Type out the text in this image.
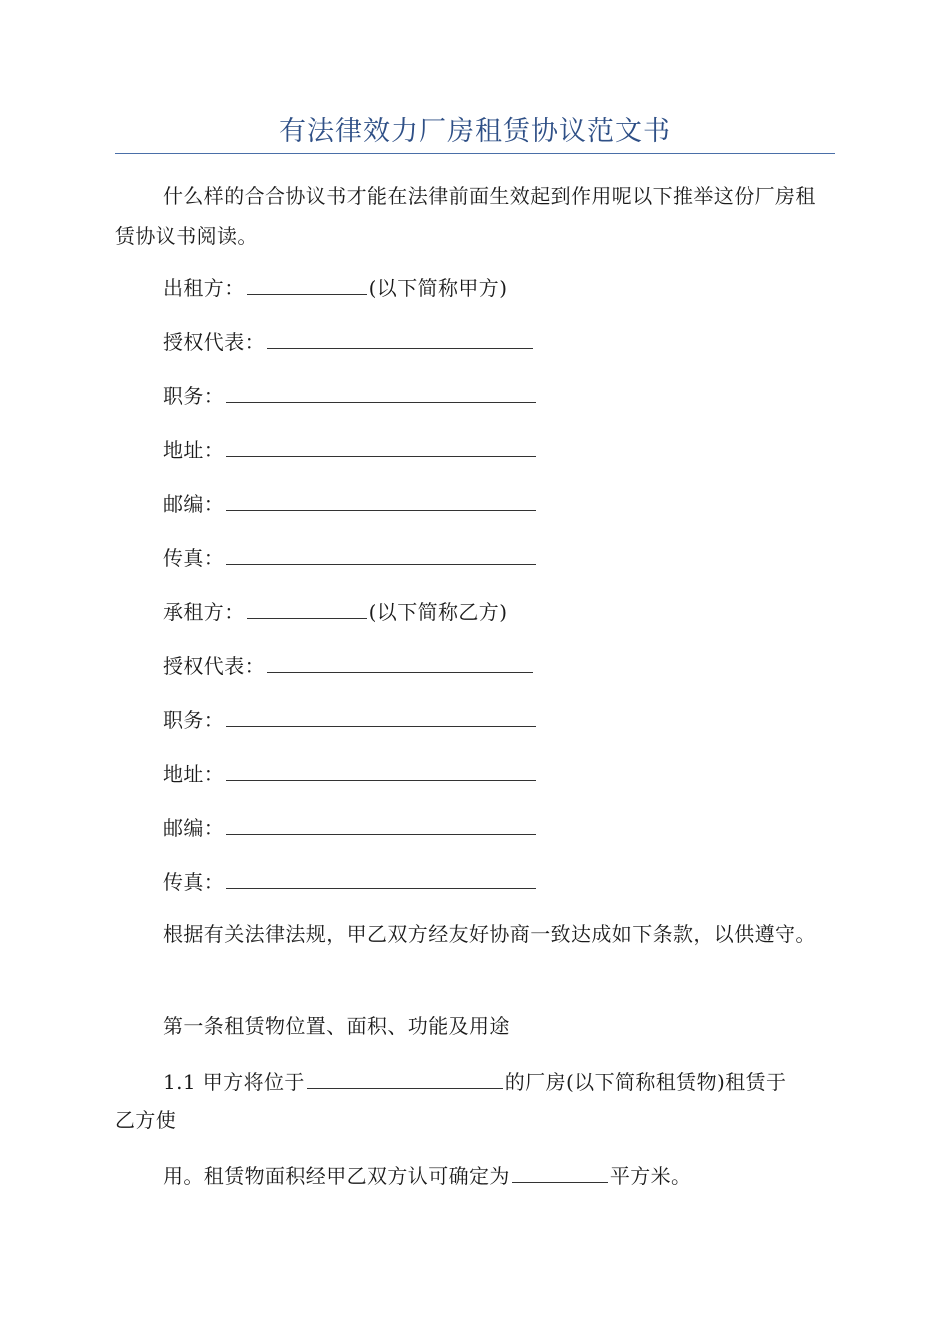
有法律效力厂房租赁协议范文书

什么样的合合协议书才能在法律前面生效起到作用呢以下推举这份厂房租赁协议书阅读。

出租方：	(以下简称甲方)
授权代表：
职务：
地址：
邮编：
传真：
承租方：	(以下简称乙方)
授权代表：
职务：
地址：
邮编：
传真：

根据有关法律法规，甲乙双方经友好协商一致达成如下条款，以供遵守。

第一条租赁物位置、面积、功能及用途
1.1 甲方将位于	的厂房(以下简称租赁物)租赁于
乙方使
用。租赁物面积经甲乙双方认可确定为	平方米。
